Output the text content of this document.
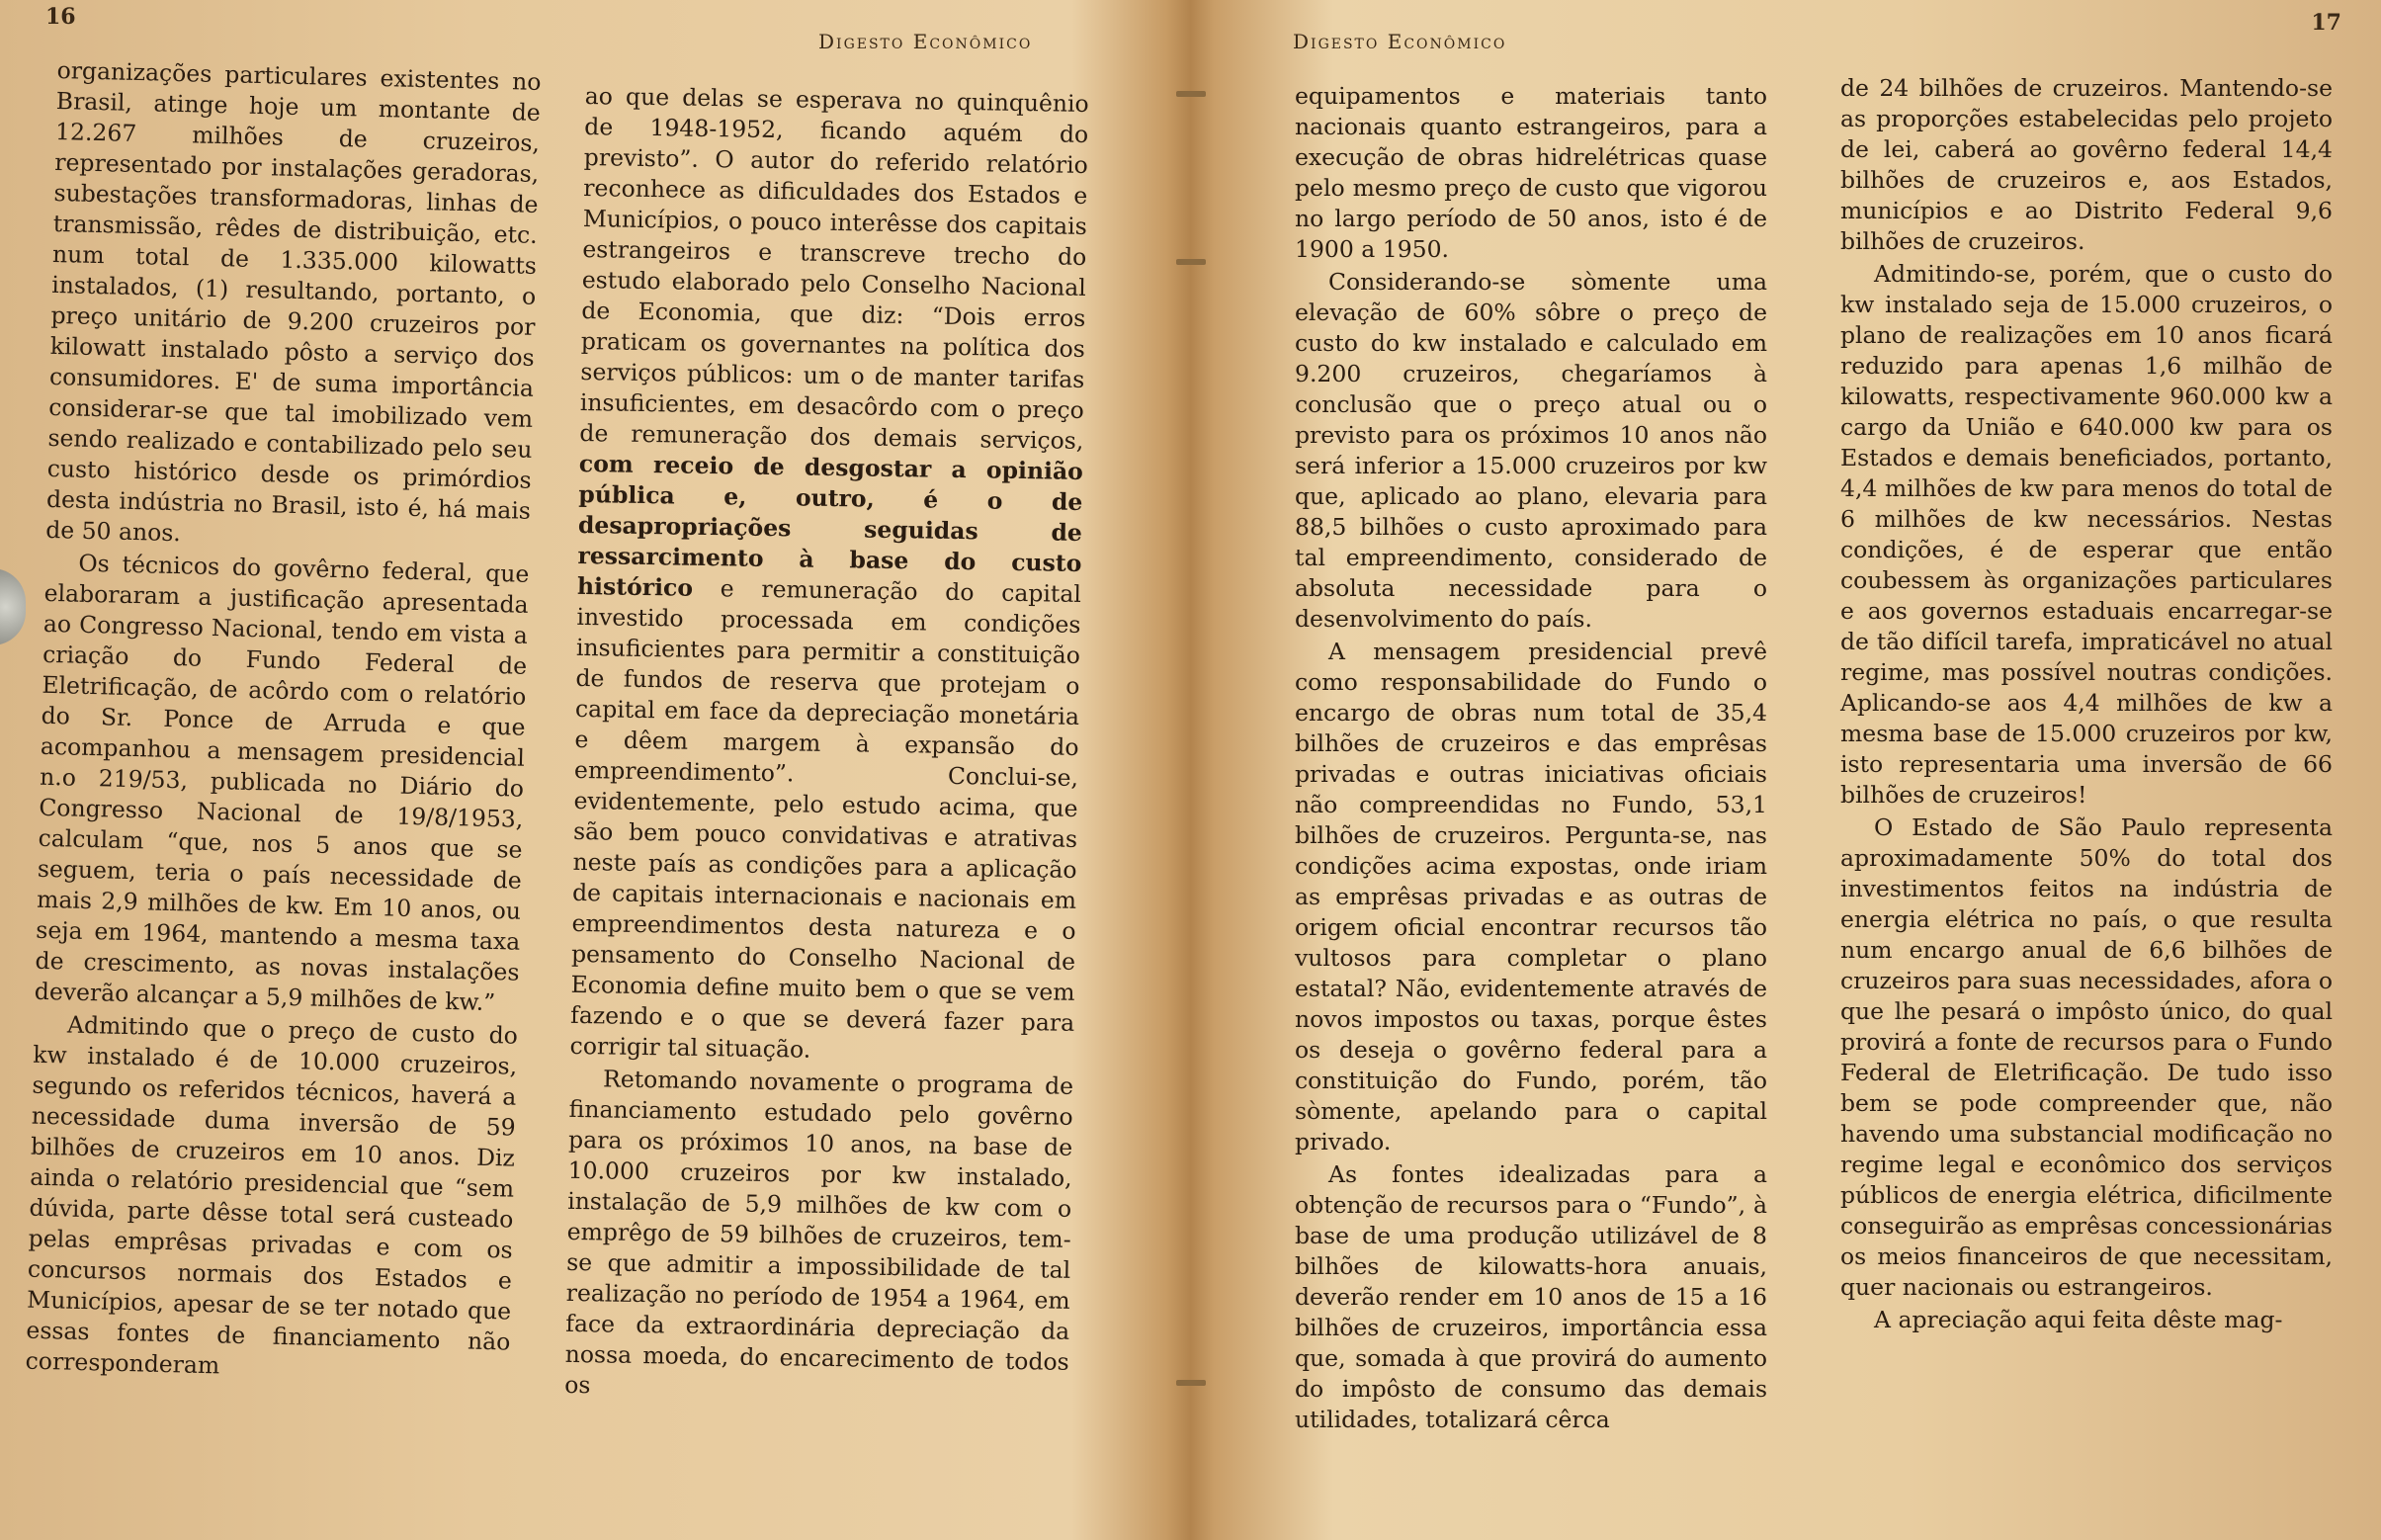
16
Digesto Econômico

organizações particulares existentes no Brasil, atinge hoje um montante de 12.267 milhões de cruzeiros, representado por instalações geradoras, subestações transformadoras, linhas de transmissão, rêdes de distribuição, etc. num total de 1.335.000 kilowatts instalados, (1) resultando, portanto, o preço unitário de 9.200 cruzeiros por kilowatt instalado pôsto a serviço dos consumidores. E' de suma importância considerar-se que tal imobilizado vem sendo realizado e contabilizado pelo seu custo histórico desde os primórdios desta indústria no Brasil, isto é, há mais de 50 anos.

Os técnicos do govêrno federal, que elaboraram a justificação apresentada ao Congresso Nacional, tendo em vista a criação do Fundo Federal de Eletrificação, de acôrdo com o relatório do Sr. Ponce de Arruda e que acompanhou a mensagem presidencial n.o 219/53, publicada no Diário do Congresso Nacional de 19/8/1953, calculam “que, nos 5 anos que se seguem, teria o país necessidade de mais 2,9 milhões de kw. Em 10 anos, ou seja em 1964, mantendo a mesma taxa de crescimento, as novas instalações deverão alcançar a 5,9 milhões de kw.”

Admitindo que o preço de custo do kw instalado é de 10.000 cruzeiros, segundo os referidos técnicos, haverá a necessidade duma inversão de 59 bilhões de cruzeiros em 10 anos. Diz ainda o relatório presidencial que “sem dúvida, parte dêsse total será custeado pelas emprêsas privadas e com os concursos normais dos Estados e Municípios, apesar de se ter notado que essas fontes de financiamento não corresponderam

ao que delas se esperava no quinquênio de 1948-1952, ficando aquém do previsto”. O autor do referido relatório reconhece as dificuldades dos Estados e Municípios, o pouco interêsse dos capitais estrangeiros e transcreve trecho do estudo elaborado pelo Conselho Nacional de Economia, que diz: “Dois erros praticam os governantes na política dos serviços públicos: um o de manter tarifas insuficientes, em desacôrdo com o preço de remuneração dos demais serviços, com receio de desgostar a opinião pública e, outro, é o de desapropriações seguidas de ressarcimento à base do custo histórico e remuneração do capital investido processada em condições insuficientes para permitir a constituição de fundos de reserva que protejam o capital em face da depreciação monetária e dêem margem à expansão do empreendimento”. Conclui-se, evidentemente, pelo estudo acima, que são bem pouco convidativas e atrativas neste país as condições para a aplicação de capitais internacionais e nacionais em empreendimentos desta natureza e o pensamento do Conselho Nacional de Economia define muito bem o que se vem fazendo e o que se deverá fazer para corrigir tal situação.

Retomando novamente o programa de financiamento estudado pelo govêrno para os próximos 10 anos, na base de 10.000 cruzeiros por kw instalado, instalação de 5,9 milhões de kw com o emprêgo de 59 bilhões de cruzeiros, tem-se que admitir a impossibilidade de tal realização no período de 1954 a 1964, em face da extraordinária depreciação da nossa moeda, do encarecimento de todos os

17
Digesto Econômico

equipamentos e materiais tanto nacionais quanto estrangeiros, para a execução de obras hidrelétricas quase pelo mesmo preço de custo que vigorou no largo período de 50 anos, isto é de 1900 a 1950.

Considerando-se sòmente uma elevação de 60% sôbre o preço de custo do kw instalado e calculado em 9.200 cruzeiros, chegaríamos à conclusão que o preço atual ou o previsto para os próximos 10 anos não será inferior a 15.000 cruzeiros por kw que, aplicado ao plano, elevaria para 88,5 bilhões o custo aproximado para tal empreendimento, considerado de absoluta necessidade para o desenvolvimento do país.

A mensagem presidencial prevê como responsabilidade do Fundo o encargo de obras num total de 35,4 bilhões de cruzeiros e das emprêsas privadas e outras iniciativas oficiais não compreendidas no Fundo, 53,1 bilhões de cruzeiros. Pergunta-se, nas condições acima expostas, onde iriam as emprêsas privadas e as outras de origem oficial encontrar recursos tão vultosos para completar o plano estatal? Não, evidentemente através de novos impostos ou taxas, porque êstes os deseja o govêrno federal para a constituição do Fundo, porém, tão sòmente, apelando para o capital privado.

As fontes idealizadas para a obtenção de recursos para o “Fundo”, à base de uma produção utilizável de 8 bilhões de kilowatts-hora anuais, deverão render em 10 anos de 15 a 16 bilhões de cruzeiros, importância essa que, somada à que provirá do aumento do impôsto de consumo das demais utilidades, totalizará cêrca

de 24 bilhões de cruzeiros. Mantendo-se as proporções estabelecidas pelo projeto de lei, caberá ao govêrno federal 14,4 bilhões de cruzeiros e, aos Estados, municípios e ao Distrito Federal 9,6 bilhões de cruzeiros.

Admitindo-se, porém, que o custo do kw instalado seja de 15.000 cruzeiros, o plano de realizações em 10 anos ficará reduzido para apenas 1,6 milhão de kilowatts, respectivamente 960.000 kw a cargo da União e 640.000 kw para os Estados e demais beneficiados, portanto, 4,4 milhões de kw para menos do total de 6 milhões de kw necessários. Nestas condições, é de esperar que então coubessem às organizações particulares e aos governos estaduais encarregar-se de tão difícil tarefa, impraticável no atual regime, mas possível noutras condições. Aplicando-se aos 4,4 milhões de kw a mesma base de 15.000 cruzeiros por kw, isto representaria uma inversão de 66 bilhões de cruzeiros!

O Estado de São Paulo representa aproximadamente 50% do total dos investimentos feitos na indústria de energia elétrica no país, o que resulta num encargo anual de 6,6 bilhões de cruzeiros para suas necessidades, afora o que lhe pesará o impôsto único, do qual provirá a fonte de recursos para o Fundo Federal de Eletrificação. De tudo isso bem se pode compreender que, não havendo uma substancial modificação no regime legal e econômico dos serviços públicos de energia elétrica, dificilmente conseguirão as emprêsas concessionárias os meios financeiros de que necessitam, quer nacionais ou estrangeiros.

A apreciação aqui feita dêste mag-
